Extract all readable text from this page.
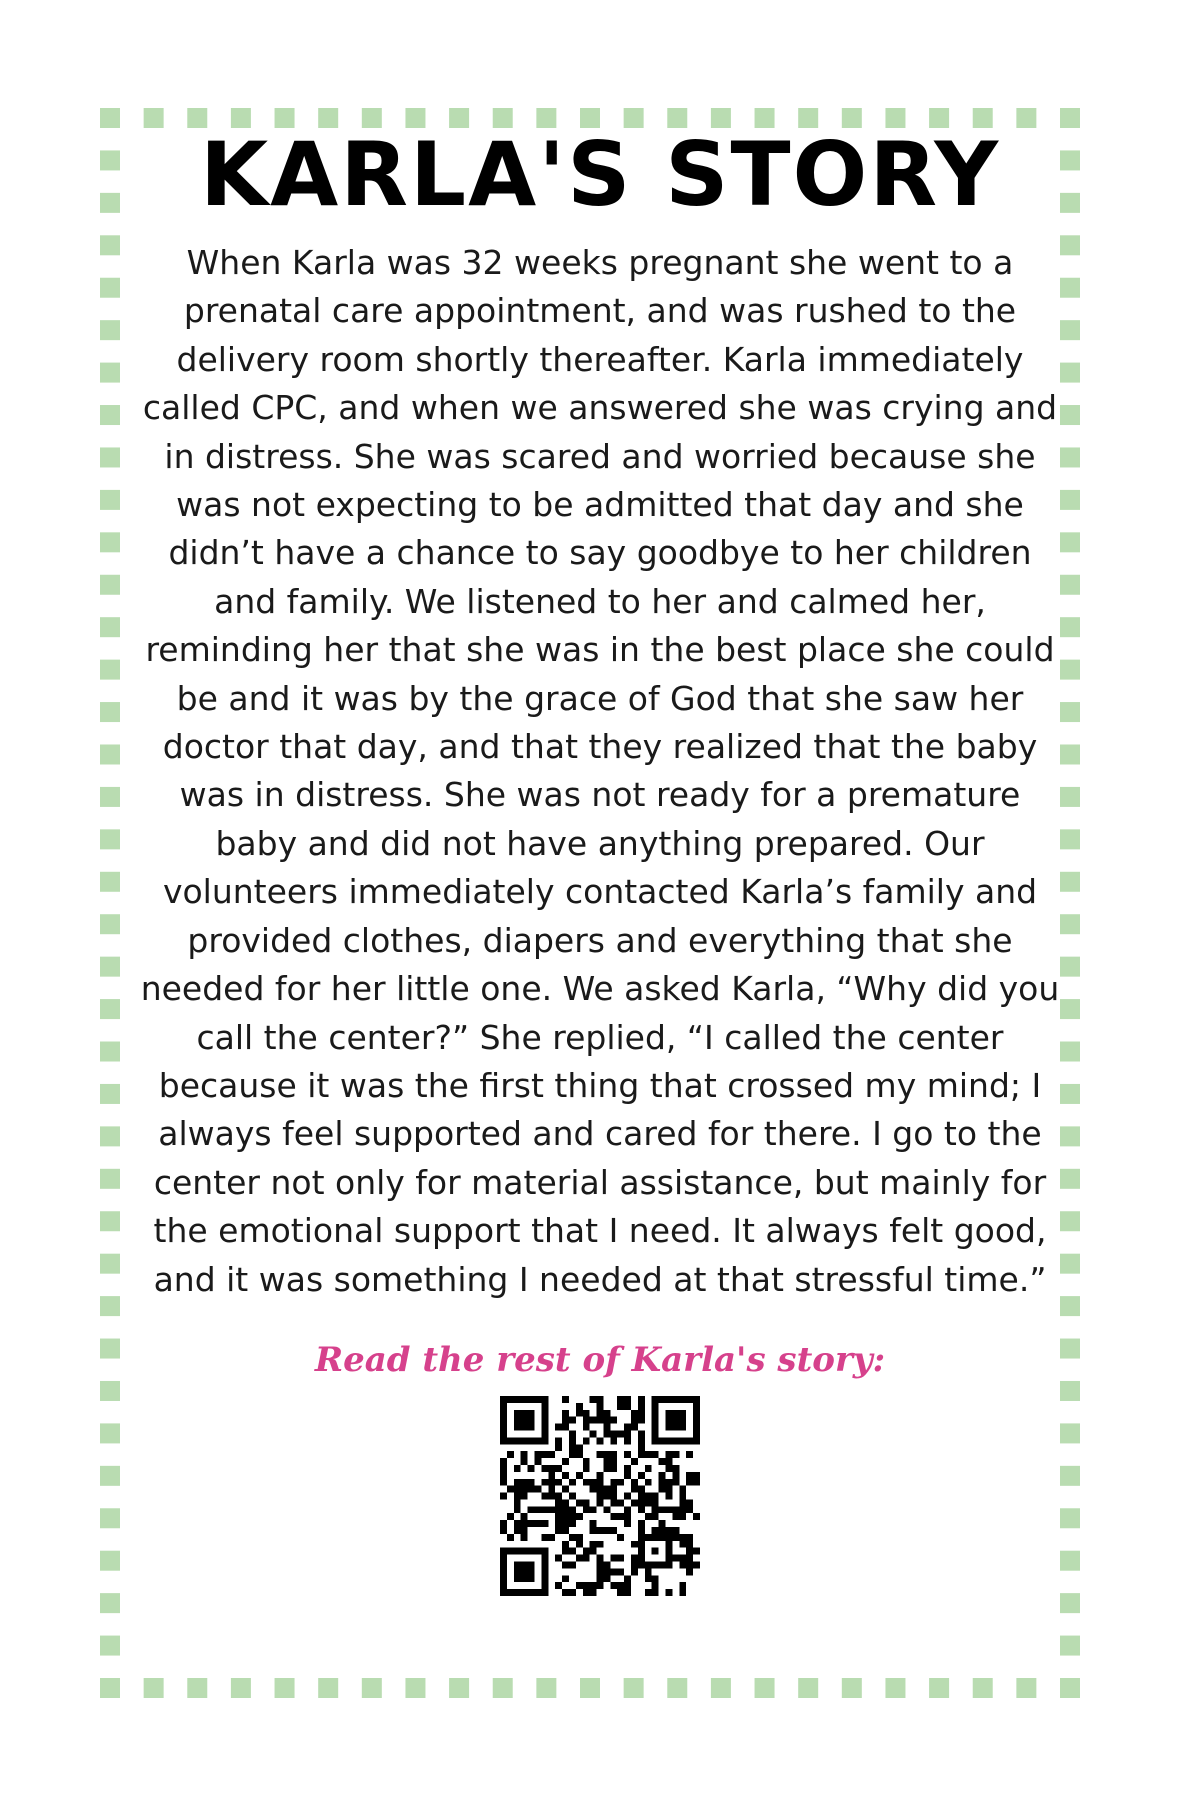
KARLA'S STORY

When Karla was 32 weeks pregnant she went to a prenatal care appointment, and was rushed to the delivery room shortly thereafter. Karla immediately called CPC, and when we answered she was crying and in distress. She was scared and worried because she was not expecting to be admitted that day and she didn’t have a chance to say goodbye to her children and family. We listened to her and calmed her, reminding her that she was in the best place she could be and it was by the grace of God that she saw her doctor that day, and that they realized that the baby was in distress. She was not ready for a premature baby and did not have anything prepared. Our volunteers immediately contacted Karla’s family and provided clothes, diapers and everything that she needed for her little one. We asked Karla, “Why did you call the center?” She replied, “I called the center because it was the first thing that crossed my mind; I always feel supported and cared for there. I go to the center not only for material assistance, but mainly for the emotional support that I need. It always felt good, and it was something I needed at that stressful time.”

Read the rest of Karla's story:
